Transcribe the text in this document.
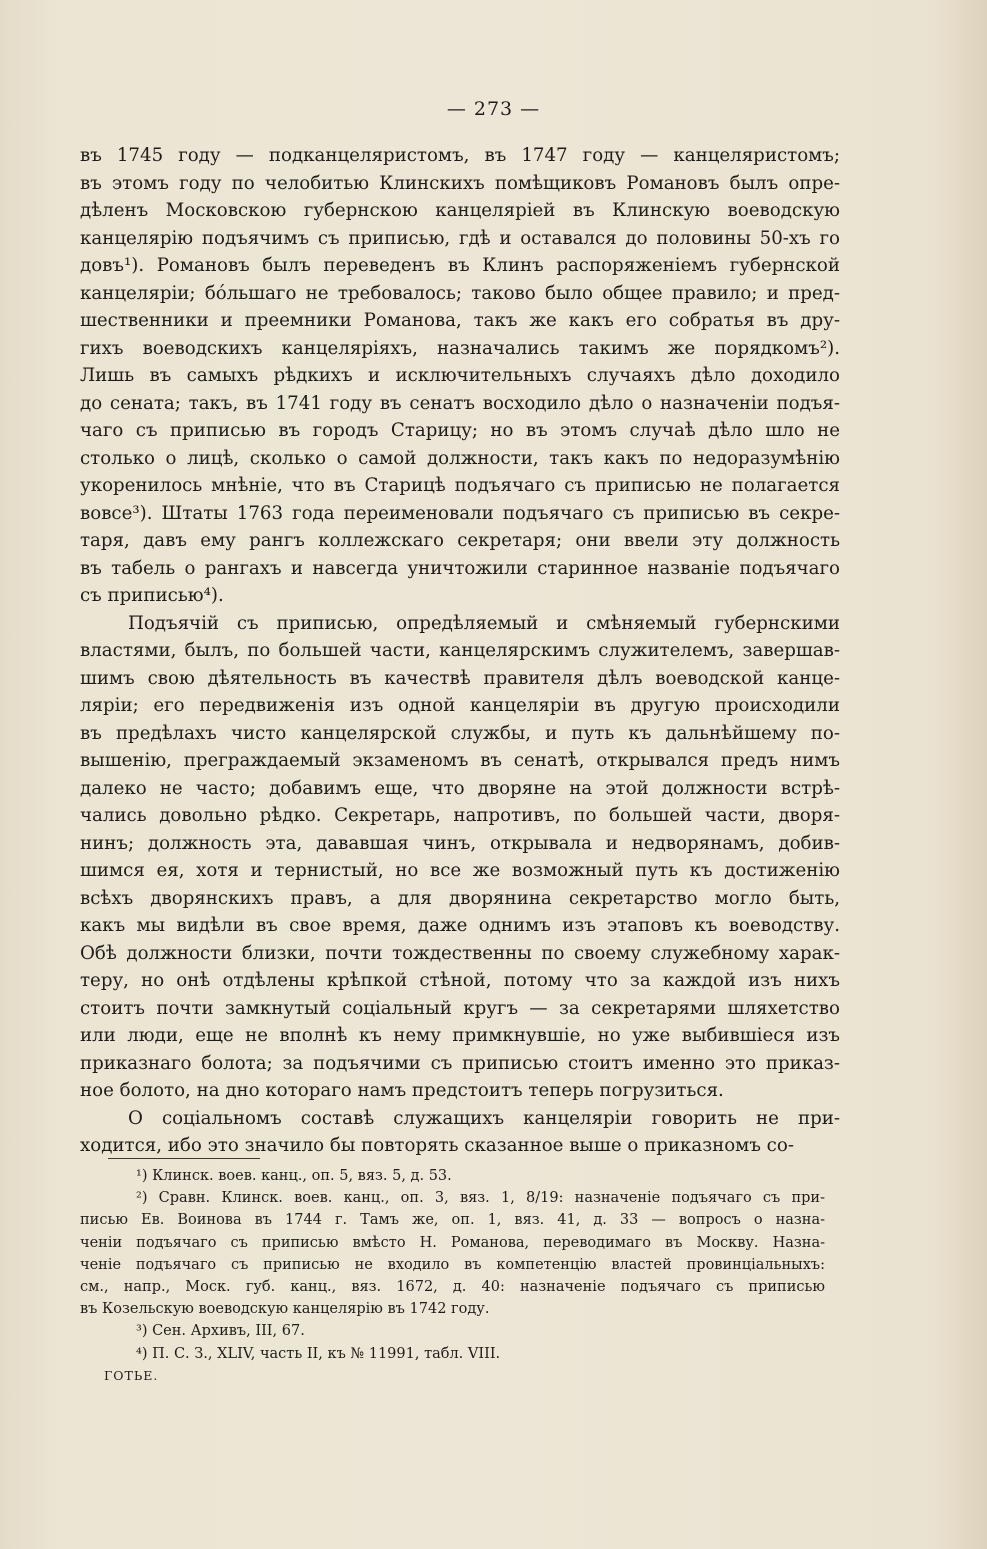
— 273 —
въ 1745 году — подканцеляристомъ, въ 1747 году — канцеляристомъ;
въ этомъ году по челобитью Клинскихъ помѣщиковъ Романовъ былъ опре-
дѣленъ Московскою губернскою канцеляріей въ Клинскую воеводскую
канцелярію подъячимъ съ приписью, гдѣ и оставался до половины 50-хъ го
довъ¹). Романовъ былъ переведенъ въ Клинъ распоряженіемъ губернской
канцеляріи; бо́льшаго не требовалось; таково было общее правило; и пред-
шественники и преемники Романова, такъ же какъ его собратья въ дру-
гихъ воеводскихъ канцеляріяхъ, назначались такимъ же порядкомъ²).
Лишь въ самыхъ рѣдкихъ и исключительныхъ случаяхъ дѣло доходило
до сената; такъ, въ 1741 году въ сенатъ восходило дѣло о назначеніи подъя-
чаго съ приписью въ городъ Старицу; но въ этомъ случаѣ дѣло шло не
столько о лицѣ, сколько о самой должности, такъ какъ по недоразумѣнію
укоренилось мнѣніе, что въ Старицѣ подъячаго съ приписью не полагается
вовсе³). Штаты 1763 года переименовали подъячаго съ приписью въ секре-
таря, давъ ему рангъ коллежскаго секретаря; они ввели эту должность
въ табель о рангахъ и навсегда уничтожили старинное названіе подъячаго
съ приписью⁴).
Подъячій съ приписью, опредѣляемый и смѣняемый губернскими
властями, былъ, по большей части, канцелярскимъ служителемъ, завершав-
шимъ свою дѣятельность въ качествѣ правителя дѣлъ воеводской канце-
ляріи; его передвиженія изъ одной канцеляріи въ другую происходили
въ предѣлахъ чисто канцелярской службы, и путь къ дальнѣйшему по-
вышенію, преграждаемый экзаменомъ въ сенатѣ, открывался предъ нимъ
далеко не часто; добавимъ еще, что дворяне на этой должности встрѣ-
чались довольно рѣдко. Секретарь, напротивъ, по большей части, дворя-
нинъ; должность эта, дававшая чинъ, открывала и недворянамъ, добив-
шимся ея, хотя и тернистый, но все же возможный путь къ достиженію
всѣхъ дворянскихъ правъ, а для дворянина секретарство могло быть,
какъ мы видѣли въ свое время, даже однимъ изъ этаповъ къ воеводству.
Обѣ должности близки, почти тождественны по своему служебному харак-
теру, но онѣ отдѣлены крѣпкой стѣной, потому что за каждой изъ нихъ
стоитъ почти замкнутый соціальный кругъ — за секретарями шляхетство
или люди, еще не вполнѣ къ нему примкнувшіе, но уже выбившіеся изъ
приказнаго болота; за подъячими съ приписью стоитъ именно это приказ-
ное болото, на дно котораго намъ предстоитъ теперь погрузиться.
О соціальномъ составѣ служащихъ канцеляріи говорить не при-
ходится, ибо это значило бы повторять сказанное выше о приказномъ со-
¹) Клинск. воев. канц., оп. 5, вяз. 5, д. 53.
²) Сравн. Клинск. воев. канц., оп. 3, вяз. 1, 8/19: назначеніе подъячаго съ при-
писью Ев. Воинова въ 1744 г. Тамъ же, оп. 1, вяз. 41, д. 33 — вопросъ о назна-
ченіи подъячаго съ приписью вмѣсто Н. Романова, переводимаго въ Москву. Назна-
ченіе подъячаго съ приписью не входило въ компетенцію властей провинціальныхъ:
см., напр., Моск. губ. канц., вяз. 1672, д. 40: назначеніе подъячаго съ приписью
въ Козельскую воеводскую канцелярію въ 1742 году.
³) Сен. Архивъ, III, 67.
⁴) П. С. З., XLIV, часть II, къ № 11991, табл. VIII.
ГОТЬЕ.
